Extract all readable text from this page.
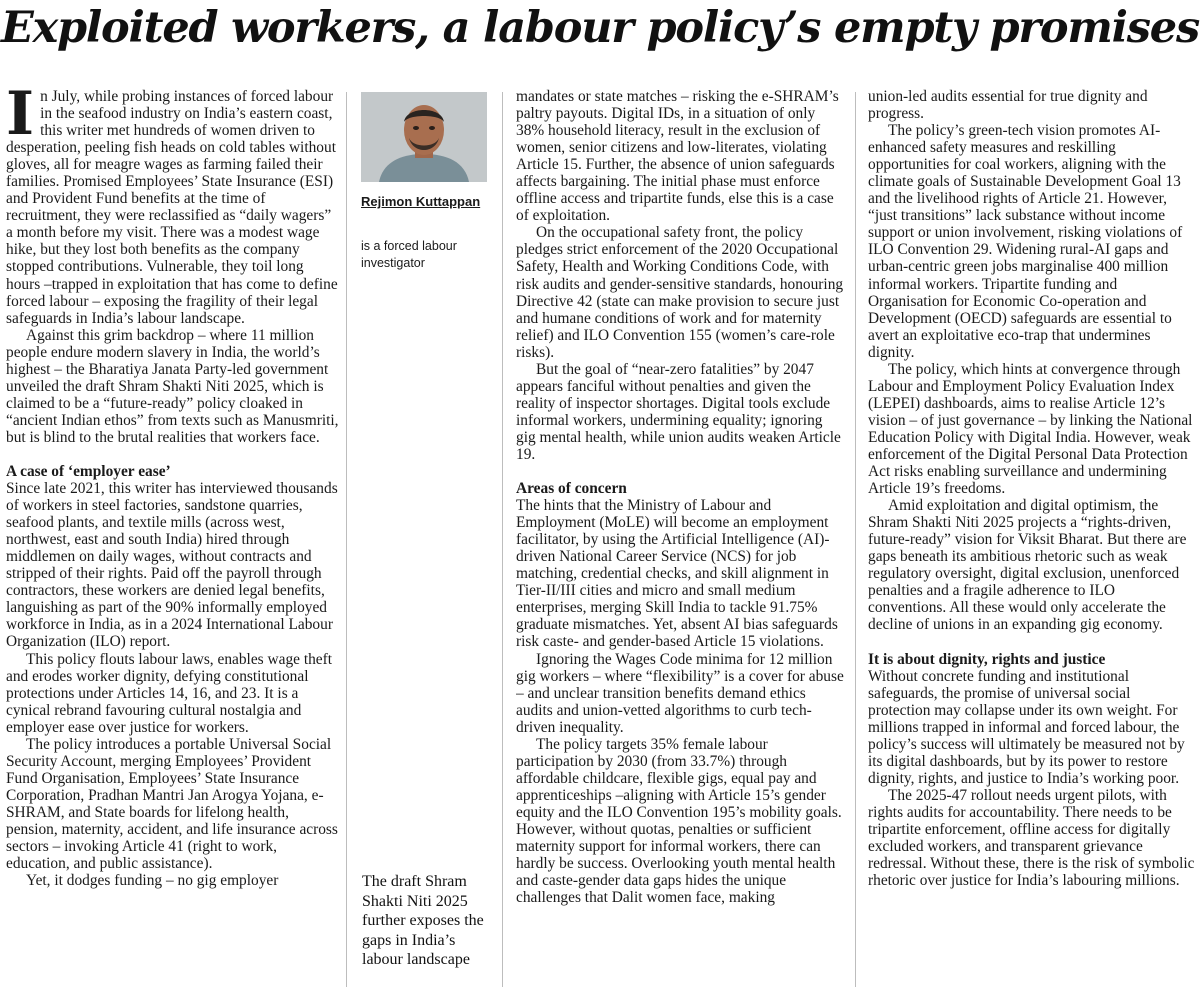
Exploited workers, a labour policy’s empty promises

In July, while probing instances of forced labour in the seafood industry on India’s eastern coast, this writer met hundreds of women driven to desperation, peeling fish heads on cold tables without gloves, all for meagre wages as farming failed their families. Promised Employees’ State Insurance (ESI) and Provident Fund benefits at the time of recruitment, they were reclassified as “daily wagers” a month before my visit. There was a modest wage hike, but they lost both benefits as the company stopped contributions. Vulnerable, they toil long hours –trapped in exploitation that has come to define forced labour – exposing the fragility of their legal safeguards in India’s labour landscape.

Against this grim backdrop – where 11 million people endure modern slavery in India, the world’s highest – the Bharatiya Janata Party-led government unveiled the draft Shram Shakti Niti 2025, which is claimed to be a “future-ready” policy cloaked in “ancient Indian ethos” from texts such as Manusmriti, but is blind to the brutal realities that workers face.

A case of ‘employer ease’

Since late 2021, this writer has interviewed thousands of workers in steel factories, sandstone quarries, seafood plants, and textile mills (across west, northwest, east and south India) hired through middlemen on daily wages, without contracts and stripped of their rights. Paid off the payroll through contractors, these workers are denied legal benefits, languishing as part of the 90% informally employed workforce in India, as in a 2024 International Labour Organization (ILO) report.

This policy flouts labour laws, enables wage theft and erodes worker dignity, defying constitutional protections under Articles 14, 16, and 23. It is a cynical rebrand favouring cultural nostalgia and employer ease over justice for workers.

The policy introduces a portable Universal Social Security Account, merging Employees’ Provident Fund Organisation, Employees’ State Insurance Corporation, Pradhan Mantri Jan Arogya Yojana, e-SHRAM, and State boards for lifelong health, pension, maternity, accident, and life insurance across sectors – invoking Article 41 (right to work, education, and public assistance).

Yet, it dodges funding – no gig employer

Rejimon Kuttappan
is a forced labour investigator
The draft Shram Shakti Niti 2025 further exposes the gaps in India’s labour landscape

mandates or state matches – risking the e-SHRAM’s paltry payouts. Digital IDs, in a situation of only 38% household literacy, result in the exclusion of women, senior citizens and low-literates, violating Article 15. Further, the absence of union safeguards affects bargaining. The initial phase must enforce offline access and tripartite funds, else this is a case of exploitation.

On the occupational safety front, the policy pledges strict enforcement of the 2020 Occupational Safety, Health and Working Conditions Code, with risk audits and gender-sensitive standards, honouring Directive 42 (state can make provision to secure just and humane conditions of work and for maternity relief) and ILO Convention 155 (women’s care-role risks).

But the goal of “near-zero fatalities” by 2047 appears fanciful without penalties and given the reality of inspector shortages. Digital tools exclude informal workers, undermining equality; ignoring gig mental health, while union audits weaken Article 19.

Areas of concern

The hints that the Ministry of Labour and Employment (MoLE) will become an employment facilitator, by using the Artificial Intelligence (AI)-driven National Career Service (NCS) for job matching, credential checks, and skill alignment in Tier-II/III cities and micro and small medium enterprises, merging Skill India to tackle 91.75% graduate mismatches. Yet, absent AI bias safeguards risk caste- and gender-based Article 15 violations.

Ignoring the Wages Code minima for 12 million gig workers – where “flexibility” is a cover for abuse – and unclear transition benefits demand ethics audits and union-vetted algorithms to curb tech-driven inequality.

The policy targets 35% female labour participation by 2030 (from 33.7%) through affordable childcare, flexible gigs, equal pay and apprenticeships –aligning with Article 15’s gender equity and the ILO Convention 195’s mobility goals. However, without quotas, penalties or sufficient maternity support for informal workers, there can hardly be success. Overlooking youth mental health and caste-gender data gaps hides the unique challenges that Dalit women face, making

union-led audits essential for true dignity and progress.

The policy’s green-tech vision promotes AI-enhanced safety measures and reskilling opportunities for coal workers, aligning with the climate goals of Sustainable Development Goal 13 and the livelihood rights of Article 21. However, “just transitions” lack substance without income support or union involvement, risking violations of ILO Convention 29. Widening rural-AI gaps and urban-centric green jobs marginalise 400 million informal workers. Tripartite funding and Organisation for Economic Co-operation and Development (OECD) safeguards are essential to avert an exploitative eco-trap that undermines dignity.

The policy, which hints at convergence through Labour and Employment Policy Evaluation Index (LEPEI) dashboards, aims to realise Article 12’s vision – of just governance – by linking the National Education Policy with Digital India. However, weak enforcement of the Digital Personal Data Protection Act risks enabling surveillance and undermining Article 19’s freedoms.

Amid exploitation and digital optimism, the Shram Shakti Niti 2025 projects a “rights-driven, future-ready” vision for Viksit Bharat. But there are gaps beneath its ambitious rhetoric such as weak regulatory oversight, digital exclusion, unenforced penalties and a fragile adherence to ILO conventions. All these would only accelerate the decline of unions in an expanding gig economy.

It is about dignity, rights and justice

Without concrete funding and institutional safeguards, the promise of universal social protection may collapse under its own weight. For millions trapped in informal and forced labour, the policy’s success will ultimately be measured not by its digital dashboards, but by its power to restore dignity, rights, and justice to India’s working poor.

The 2025-47 rollout needs urgent pilots, with rights audits for accountability. There needs to be tripartite enforcement, offline access for digitally excluded workers, and transparent grievance redressal. Without these, there is the risk of symbolic rhetoric over justice for India’s labouring millions.
